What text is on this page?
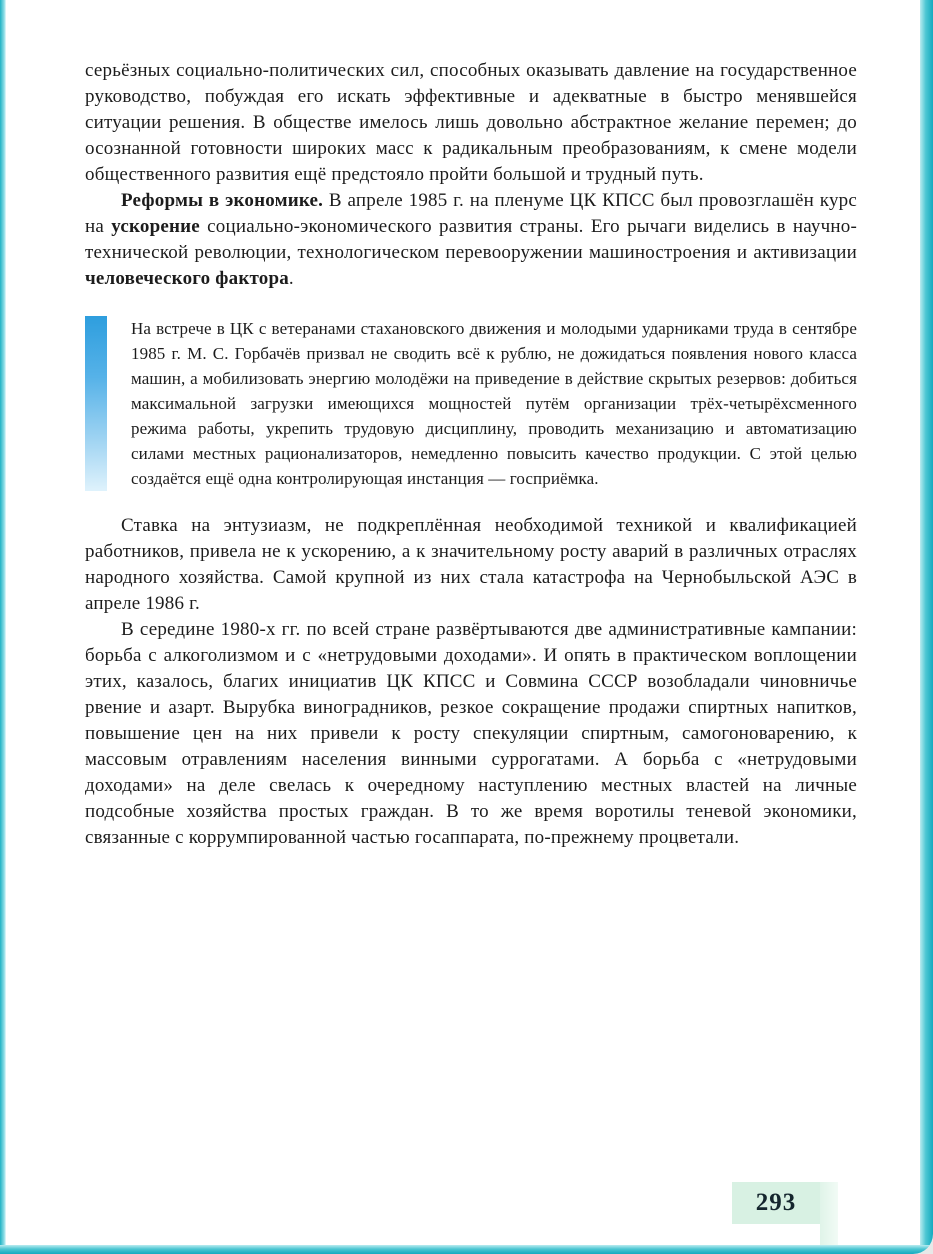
серьёзных социально-политических сил, способных оказывать давление на государственное руководство, побуждая его искать эффективные и адекватные в быстро менявшейся ситуации решения. В обществе имелось лишь довольно абстрактное желание перемен; до осознанной готовности широких масс к радикальным преобразованиям, к смене модели общественного развития ещё предстояло пройти большой и трудный путь.

Реформы в экономике. В апреле 1985 г. на пленуме ЦК КПСС был провозглашён курс на ускорение социально-экономического развития страны. Его рычаги виделись в научно-технической революции, технологическом перевооружении машиностроения и активизации человеческого фактора.

На встрече в ЦК с ветеранами стахановского движения и молодыми ударниками труда в сентябре 1985 г. М. С. Горбачёв призвал не сводить всё к рублю, не дожидаться появления нового класса машин, а мобилизовать энергию молодёжи на приведение в действие скрытых резервов: добиться максимальной загрузки имеющихся мощностей путём организации трёх-четырёхсменного режима работы, укрепить трудовую дисциплину, проводить механизацию и автоматизацию силами местных рационализаторов, немедленно повысить качество продукции. С этой целью создаётся ещё одна контролирующая инстанция — госприёмка.

Ставка на энтузиазм, не подкреплённая необходимой техникой и квалификацией работников, привела не к ускорению, а к значительному росту аварий в различных отраслях народного хозяйства. Самой крупной из них стала катастрофа на Чернобыльской АЭС в апреле 1986 г.

В середине 1980-х гг. по всей стране развёртываются две административные кампании: борьба с алкоголизмом и с «нетрудовыми доходами». И опять в практическом воплощении этих, казалось, благих инициатив ЦК КПСС и Совмина СССР возобладали чиновничье рвение и азарт. Вырубка виноградников, резкое сокращение продажи спиртных напитков, повышение цен на них привели к росту спекуляции спиртным, самогоноварению, к массовым отравлениям населения винными суррогатами. А борьба с «нетрудовыми доходами» на деле свелась к очередному наступлению местных властей на личные подсобные хозяйства простых граждан. В то же время воротилы теневой экономики, связанные с коррумпированной частью госаппарата, по-прежнему процветали.

293
